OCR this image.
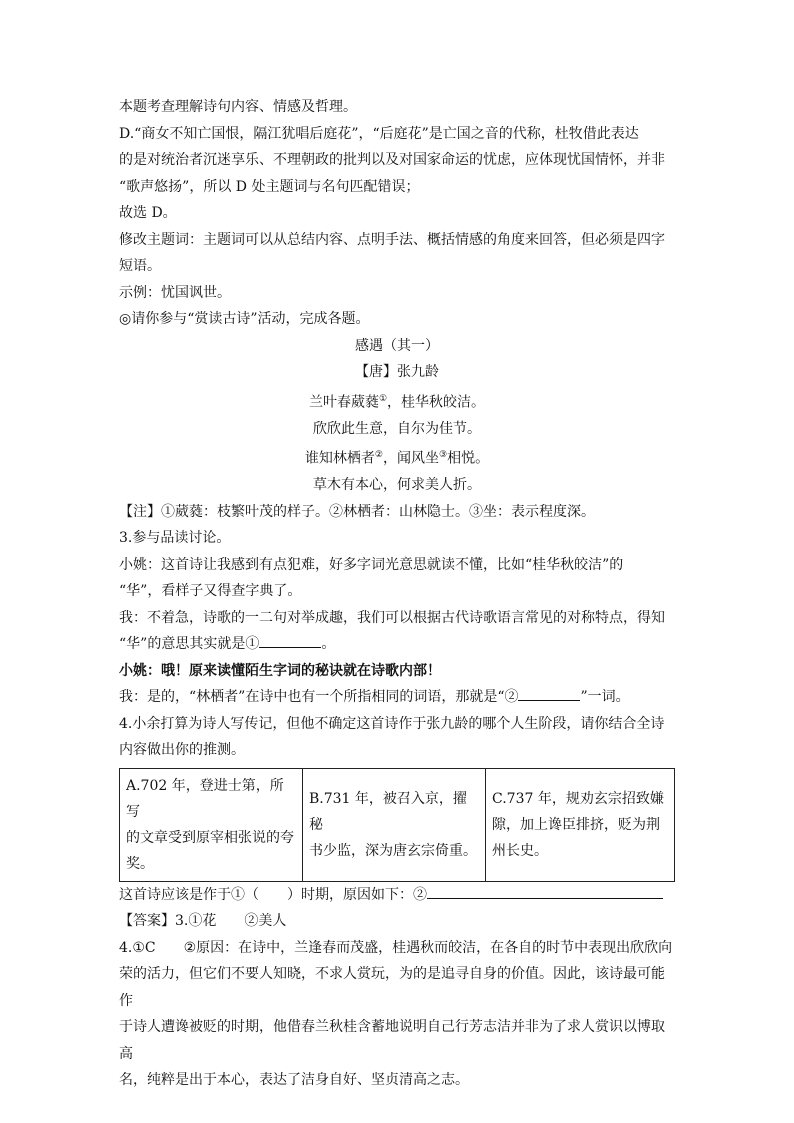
本题考查理解诗句内容、情感及哲理。

D.“商女不知亡国恨，隔江犹唱后庭花”，“后庭花”是亡国之音的代称，杜牧借此表达
的是对统治者沉迷享乐、不理朝政的批判以及对国家命运的忧虑，应体现忧国情怀，并非
“歌声悠扬”，所以 D 处主题词与名句匹配错误；

故选 D。

修改主题词：主题词可以从总结内容、点明手法、概括情感的角度来回答，但必须是四字
短语。

示例：忧国讽世。

◎请你参与“赏读古诗”活动，完成各题。

感遇（其一）

【唐】张九龄

兰叶春葳蕤①，桂华秋皎洁。

欣欣此生意，自尔为佳节。

谁知林栖者②，闻风坐③相悦。

草木有本心，何求美人折。

【注】①葳蕤：枝繁叶茂的样子。②林栖者：山林隐士。③坐：表示程度深。

3.参与品读讨论。

小姚：这首诗让我感到有点犯难，好多字词光意思就读不懂，比如“桂华秋皎洁”的
“华”，看样子又得查字典了。

我：不着急，诗歌的一二句对举成趣，我们可以根据古代诗歌语言常见的对称特点，得知
“华”的意思其实就是①	。

小姚：哦！原来读懂陌生字词的秘诀就在诗歌内部！

我：是的，“林栖者”在诗中也有一个所指相同的词语，那就是“②	”一词。

4.小余打算为诗人写传记，但他不确定这首诗作于张九龄的哪个人生阶段，请你结合全诗
内容做出你的推测。

A.702 年，登进士第，所写
的文章受到原宰相张说的夸
奖。

B.731 年，被召入京，擢秘
书少监，深为唐玄宗倚重。

C.737 年，规劝玄宗招致嫌
隙，加上谗臣排挤，贬为荆
州长史。

这首诗应该是作于①（　　）时期，原因如下：②

【答案】3.①花　　②美人

4.①C　　②原因：在诗中，兰逢春而茂盛，桂遇秋而皎洁，在各自的时节中表现出欣欣向
荣的活力，但它们不要人知晓，不求人赏玩，为的是追寻自身的价值。因此，该诗最可能作
于诗人遭谗被贬的时期，他借春兰秋桂含蓄地说明自己行芳志洁并非为了求人赏识以博取高
名，纯粹是出于本心，表达了洁身自好、坚贞清高之志。
